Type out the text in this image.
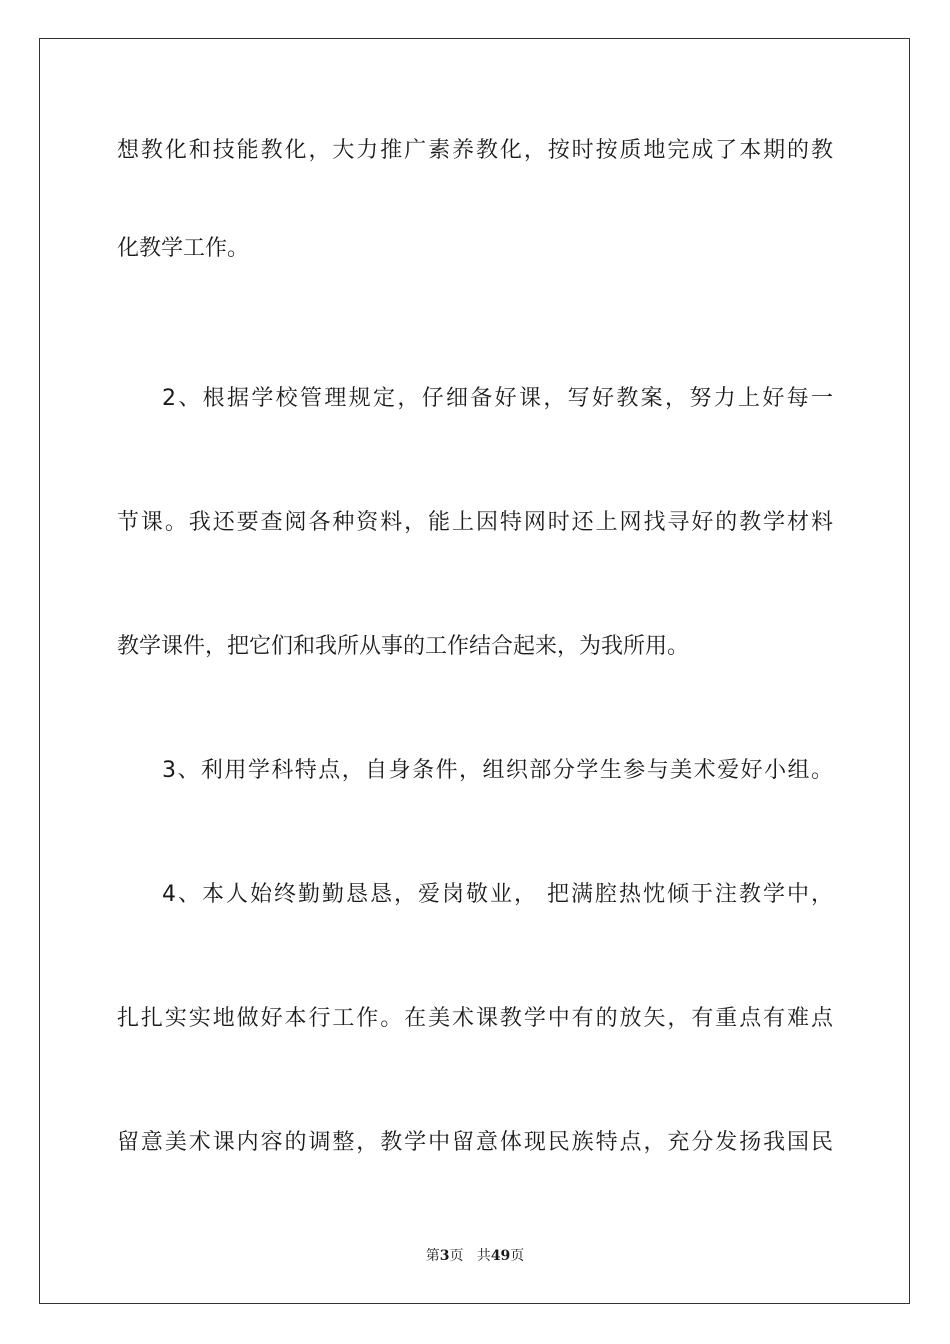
想教化和技能教化，大力推广素养教化，按时按质地完成了本期的教
化教学工作。
2、根据学校管理规定，仔细备好课，写好教案，努力上好每一
节课。我还要查阅各种资料，能上因特网时还上网找寻好的教学材料
教学课件，把它们和我所从事的工作结合起来，为我所用。
3、利用学科特点，自身条件，组织部分学生参与美术爱好小组。
4、本人始终勤勤恳恳，爱岗敬业， 把满腔热忱倾于注教学中，
扎扎实实地做好本行工作。在美术课教学中有的放矢，有重点有难点
留意美术课内容的调整，教学中留意体现民族特点，充分发扬我国民
第3页 共49页
